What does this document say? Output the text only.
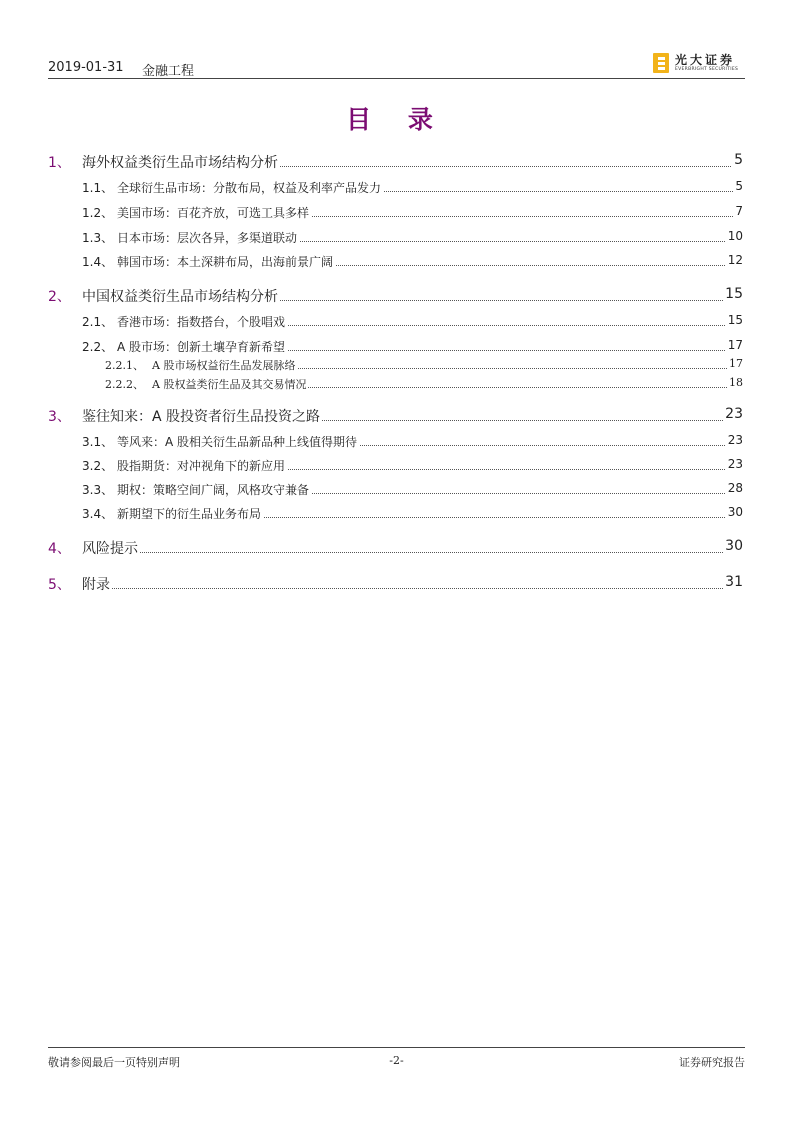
2019-01-31 金融工程
光大证券
EVERBRIGHT SECURITIES
目 录
1、 海外权益类衍生品市场结构分析	5
1.1、 全球衍生品市场：分散布局，权益及利率产品发力	5
1.2、 美国市场：百花齐放，可选工具多样	7
1.3、 日本市场：层次各异，多渠道联动	10
1.4、 韩国市场：本土深耕布局，出海前景广阔	12
2、 中国权益类衍生品市场结构分析	15
2.1、 香港市场：指数搭台，个股唱戏	15
2.2、 A 股市场：创新土壤孕育新希望	17
2.2.1、 A 股市场权益衍生品发展脉络	17
2.2.2、 A 股权益类衍生品及其交易情况	18
3、 鉴往知来：A 股投资者衍生品投资之路	23
3.1、 等风来：A 股相关衍生品新品种上线值得期待	23
3.2、 股指期货：对冲视角下的新应用	23
3.3、 期权：策略空间广阔，风格攻守兼备	28
3.4、 新期望下的衍生品业务布局	30
4、 风险提示	30
5、 附录	31
敬请参阅最后一页特别声明	-2-	证券研究报告
